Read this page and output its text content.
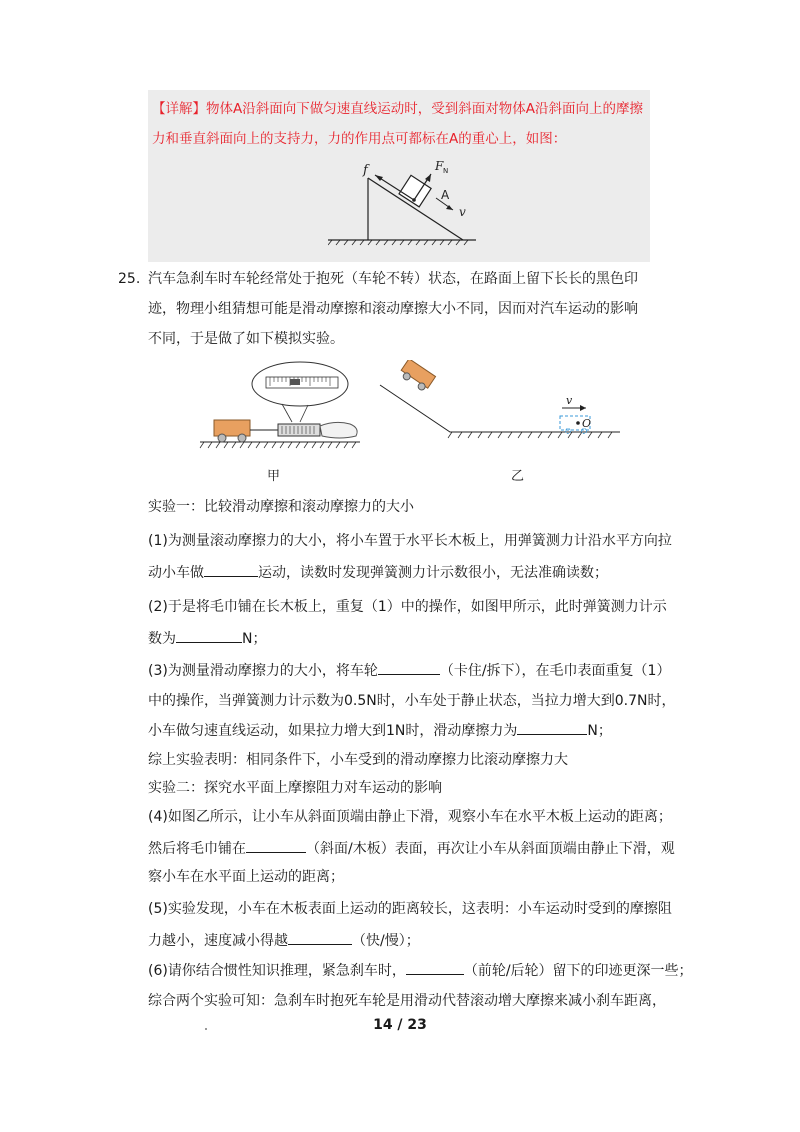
【详解】物体A沿斜面向下做匀速直线运动时，受到斜面对物体A沿斜面向上的摩擦力和垂直斜面向上的支持力，力的作用点可都标在A的重心上，如图：
f	F N
A
v
25. 汽车急刹车时车轮经常处于抱死（车轮不转）状态，在路面上留下长长的黑色印迹，物理小组猜想可能是滑动摩擦和滚动摩擦大小不同，因而对汽车运动的影响不同，于是做了如下模拟实验。
v
O
甲	乙
实验一：比较滑动摩擦和滚动摩擦力的大小
(1)为测量滚动摩擦力的大小，将小车置于水平长木板上，用弹簧测力计沿水平方向拉
动小车做	运动，读数时发现弹簧测力计示数很小，无法准确读数；
(2)于是将毛巾铺在长木板上，重复（1）中的操作，如图甲所示，此时弹簧测力计示
数为	N；
(3)为测量滑动摩擦力的大小，将车轮	（卡住/拆下），在毛巾表面重复（1）
中的操作，当弹簧测力计示数为0.5N时，小车处于静止状态，当拉力增大到0.7N时，
小车做匀速直线运动，如果拉力增大到1N时，滑动摩擦力为	N；
综上实验表明：相同条件下，小车受到的滑动摩擦力比滚动摩擦力大
实验二：探究水平面上摩擦阻力对车运动的影响
(4)如图乙所示，让小车从斜面顶端由静止下滑，观察小车在水平木板上运动的距离；
然后将毛巾铺在	（斜面/木板）表面，再次让小车从斜面顶端由静止下滑，观
察小车在水平面上运动的距离；
(5)实验发现，小车在木板表面上运动的距离较长，这表明：小车运动时受到的摩擦阻
力越小，速度减小得越	（快/慢）；
(6)请你结合惯性知识推理，紧急刹车时，	（前轮/后轮）留下的印迹更深一些；
综合两个实验可知：急刹车时抱死车轮是用滑动代替滚动增大摩擦来减小刹车距离，
14 / 23
